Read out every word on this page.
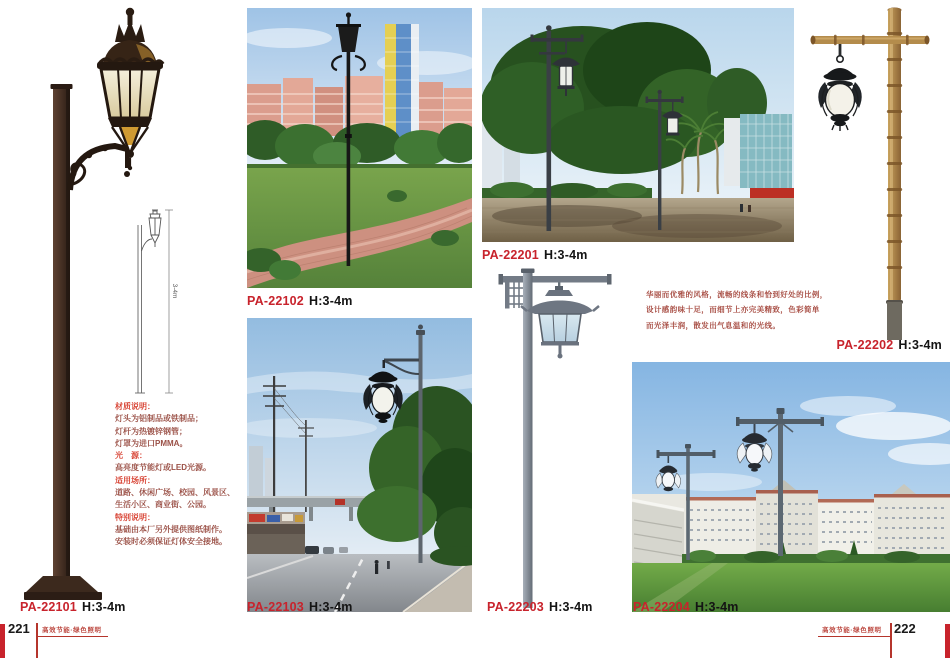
3-4m
材质说明：
灯头为铝制品或铁制品；
灯杆为热镀锌钢管；
灯罩为进口PMMA。
光　源：
高亮度节能灯或LED光源。
适用场所：
道路、休闲广场、校园、风景区、
生活小区、商业街、公园。
特别说明：
基础由本厂另外提供图纸制作。
安装时必须保证灯体安全接地。
PA-22102 H:3-4m
PA-22201 H:3-4m
华丽而优雅的风格，流畅的线条和恰到好处的比例，
设计感韵味十足，而细节上亦完美精致，色彩简单
而光泽丰润，散发出气息温和的光线。
PA-22202 H:3-4m
PA-22101 H:3-4m	PA-22103 H:3-4m	PA-22203 H:3-4m	PA-22204 H:3-4m
221 高效节能·绿色照明	高效节能·绿色照明 222
